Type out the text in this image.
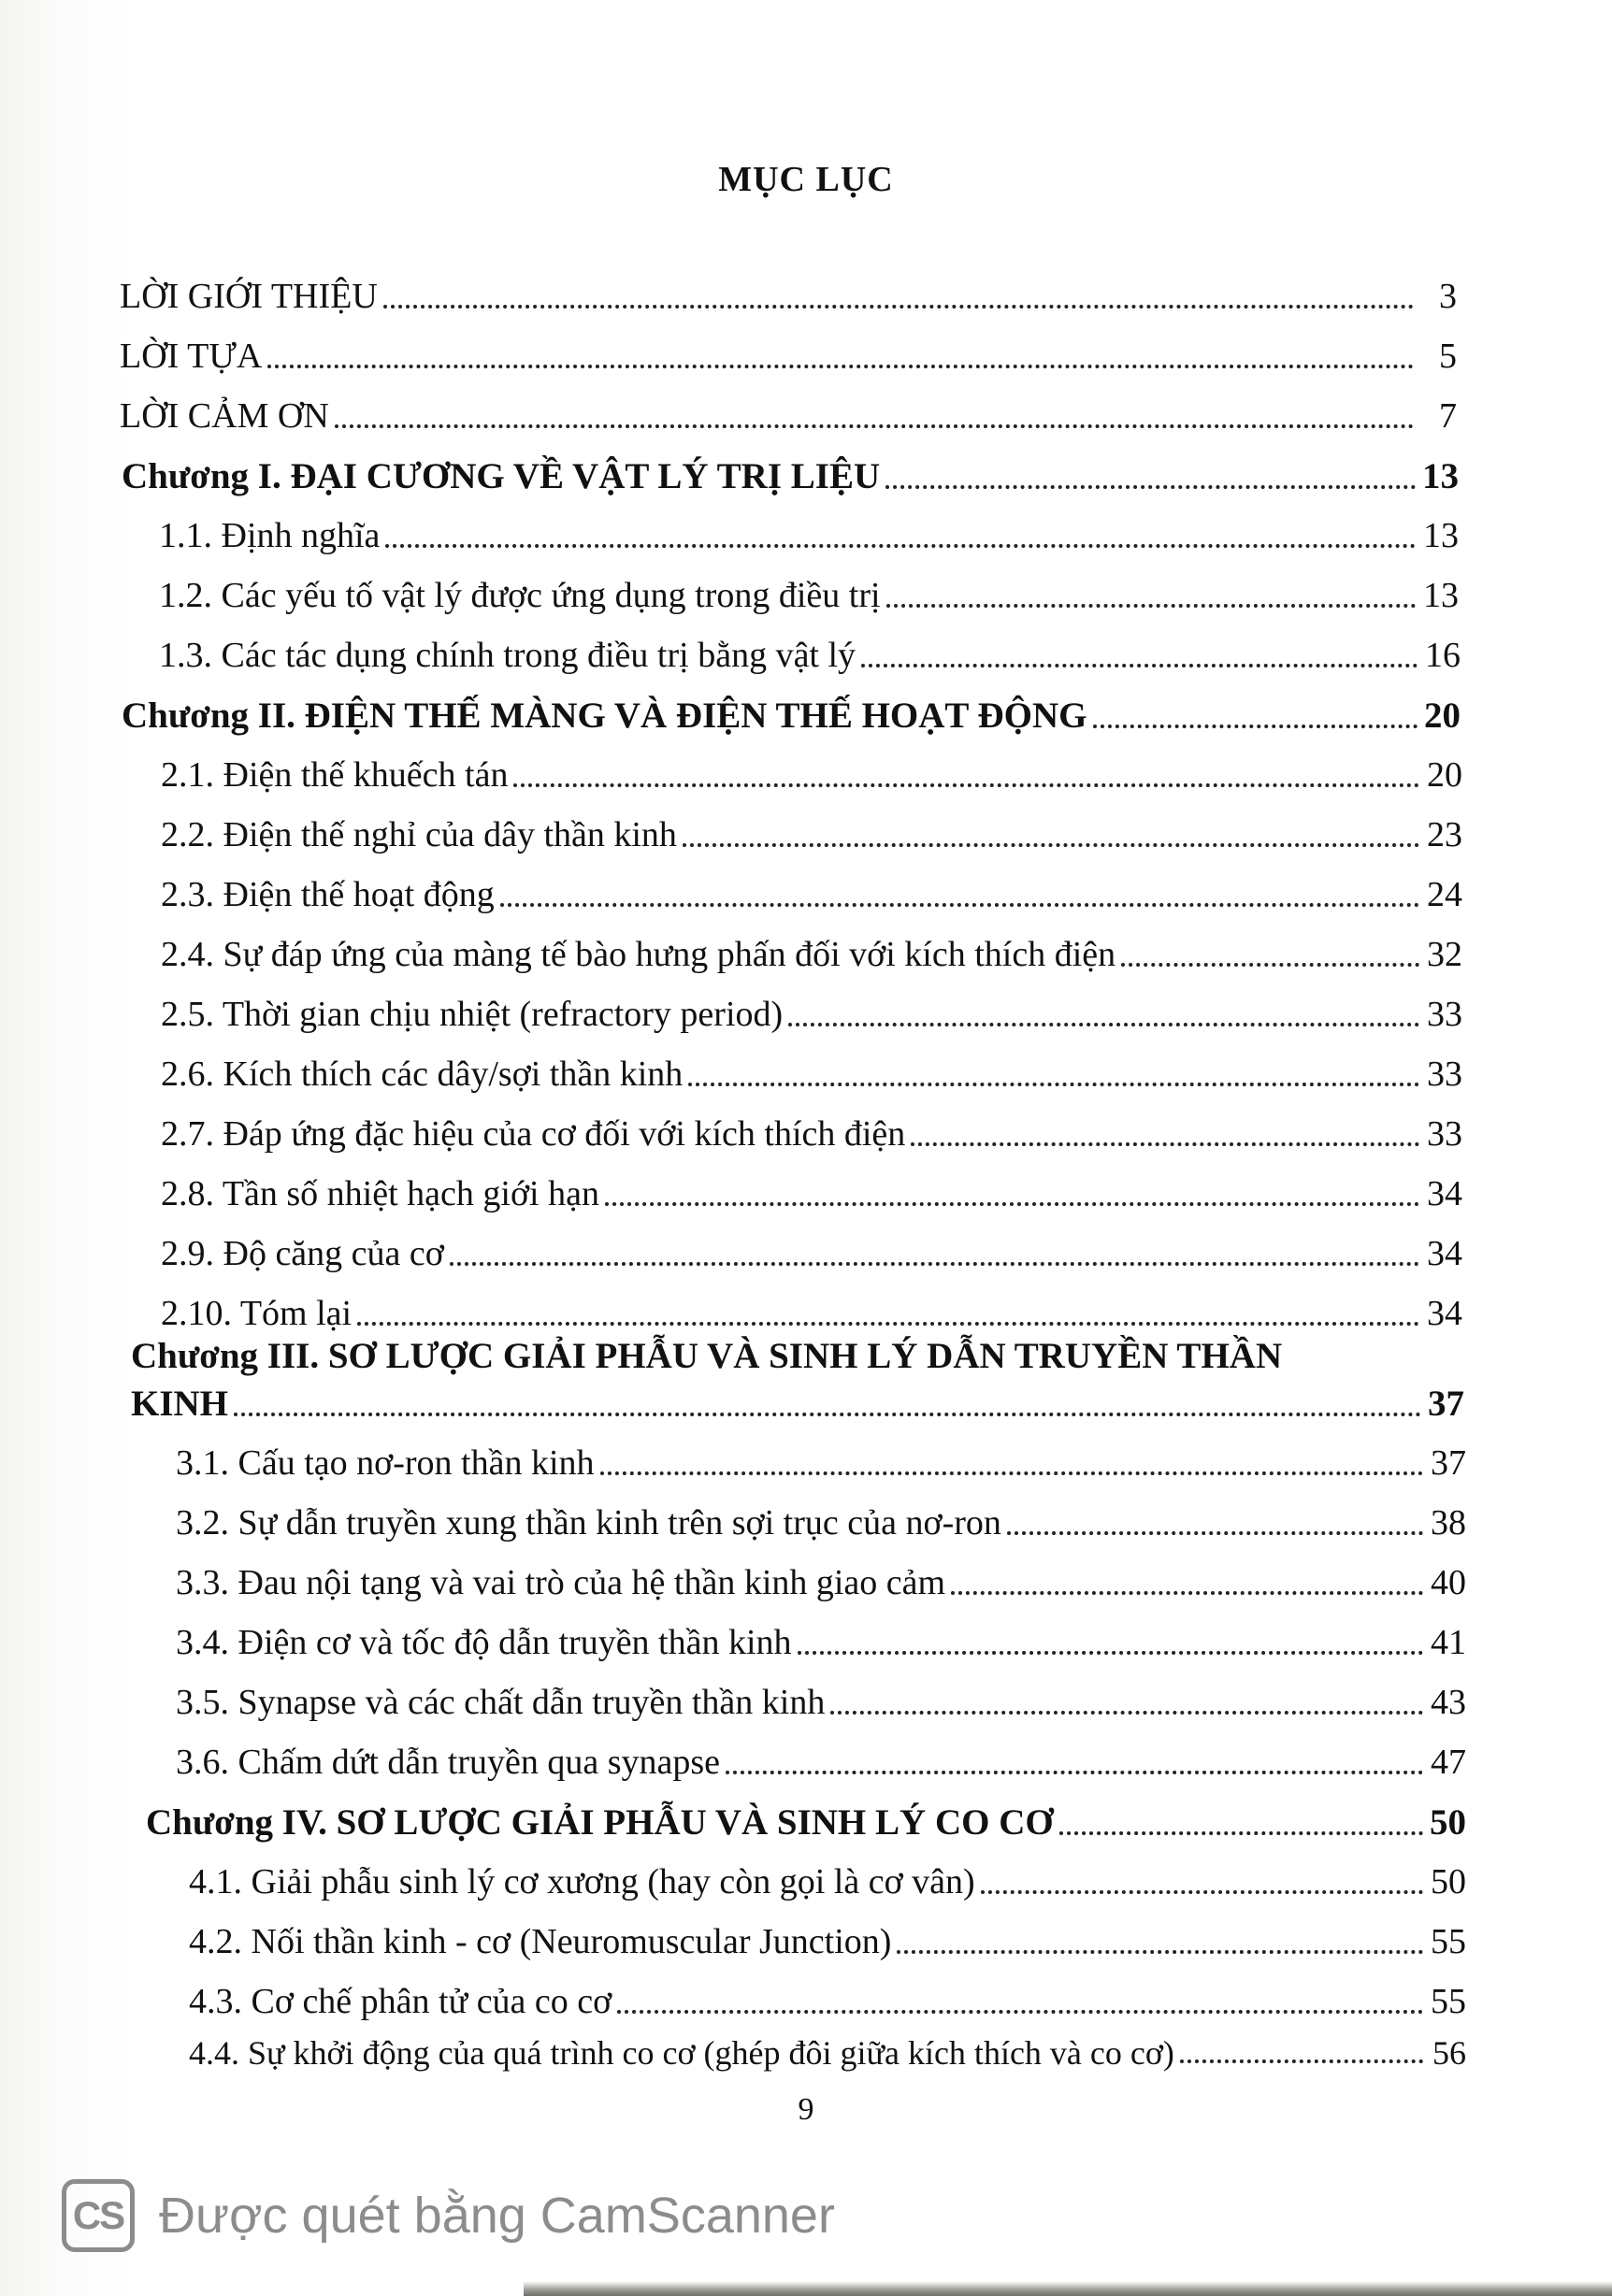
MỤC LỤC
LỜI GIỚI THIỆU	3
LỜI TỰA	5
LỜI CẢM ƠN	7
Chương I. ĐẠI CƯƠNG VỀ VẬT LÝ TRỊ LIỆU	13
1.1. Định nghĩa	13
1.2. Các yếu tố vật lý được ứng dụng trong điều trị	13
1.3. Các tác dụng chính trong điều trị bằng vật lý	16
Chương II. ĐIỆN THẾ MÀNG VÀ ĐIỆN THẾ HOẠT ĐỘNG	20
2.1. Điện thế khuếch tán	20
2.2. Điện thế nghỉ của dây thần kinh	23
2.3. Điện thế hoạt động	24
2.4. Sự đáp ứng của màng tế bào hưng phấn đối với kích thích điện	32
2.5. Thời gian chịu nhiệt (refractory period)	33
2.6. Kích thích các dây/sợi thần kinh	33
2.7. Đáp ứng đặc hiệu của cơ đối với kích thích điện	33
2.8. Tần số nhiệt hạch giới hạn	34
2.9. Độ căng của cơ	34
2.10. Tóm lại	34
Chương III. SƠ LƯỢC GIẢI PHẪU VÀ SINH LÝ DẪN TRUYỀN THẦN
KINH	37
3.1. Cấu tạo nơ-ron thần kinh	37
3.2. Sự dẫn truyền xung thần kinh trên sợi trục của nơ-ron	38
3.3. Đau nội tạng và vai trò của hệ thần kinh giao cảm	40
3.4. Điện cơ và tốc độ dẫn truyền thần kinh	41
3.5. Synapse và các chất dẫn truyền thần kinh	43
3.6. Chấm dứt dẫn truyền qua synapse	47
Chương IV. SƠ LƯỢC GIẢI PHẪU VÀ SINH LÝ CO CƠ	50
4.1. Giải phẫu sinh lý cơ xương (hay còn gọi là cơ vân)	50
4.2. Nối thần kinh - cơ (Neuromuscular Junction)	55
4.3. Cơ chế phân tử của co cơ	55
4.4. Sự khởi động của quá trình co cơ (ghép đôi giữa kích thích và co cơ)	56
9
CS Được quét bằng CamScanner
